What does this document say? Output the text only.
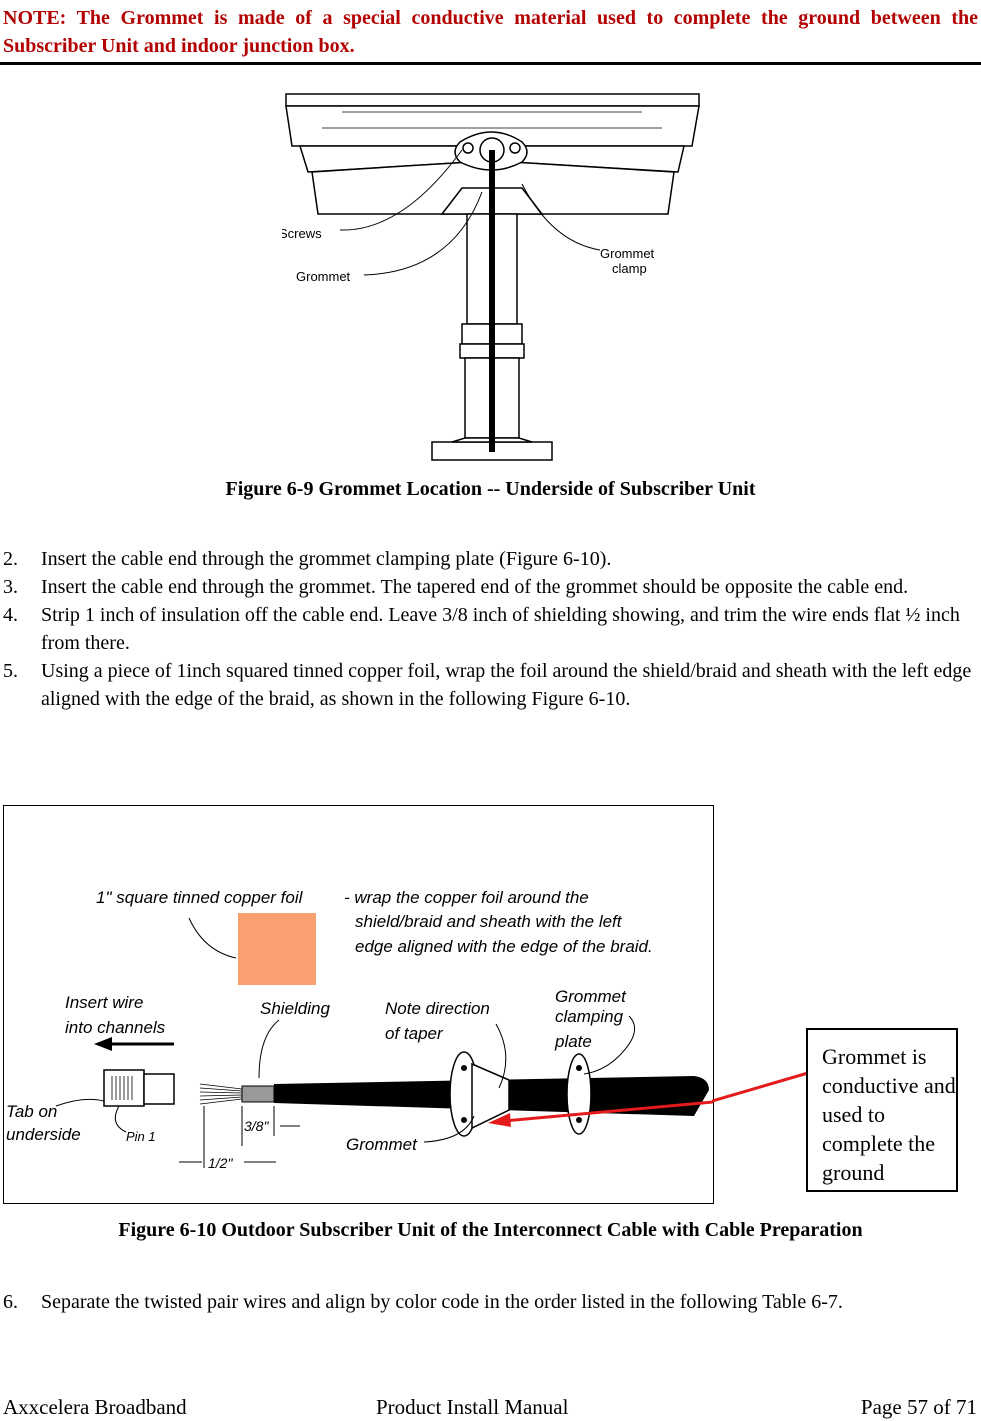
NOTE: The Grommet is made of a special conductive material used to complete the ground between the Subscriber Unit and indoor junction box.
Screws
Grommet
Grommet
clamp
Figure 6-9 Grommet Location -- Underside of Subscriber Unit
2. Insert the cable end through the grommet clamping plate (Figure 6-10).
3. Insert the cable end through the grommet. The tapered end of the grommet should be opposite the cable end.
4. Strip 1 inch of insulation off the cable end. Leave 3/8 inch of shielding showing, and trim the wire ends flat ½ inch from there.
5. Using a piece of 1inch squared tinned copper foil, wrap the foil around the shield/braid and sheath with the left edge aligned with the edge of the braid, as shown in the following Figure 6-10.
1" square tinned copper foil - wrap the copper foil around the
shield/braid and sheath with the left
edge aligned with the edge of the braid.
Insert wire
into channels
Tab on
underside	Pin 1
Shielding
3/8"
1/2"
Grommet
Grommet
clamping
plate
Note direction
of taper
Grommet is conductive and used to complete the ground
Figure 6-10 Outdoor Subscriber Unit of the Interconnect Cable with Cable Preparation
6. Separate the twisted pair wires and align by color code in the order listed in the following Table 6-7.
Axxcelera Broadband	Product Install Manual	Page 57 of 71
